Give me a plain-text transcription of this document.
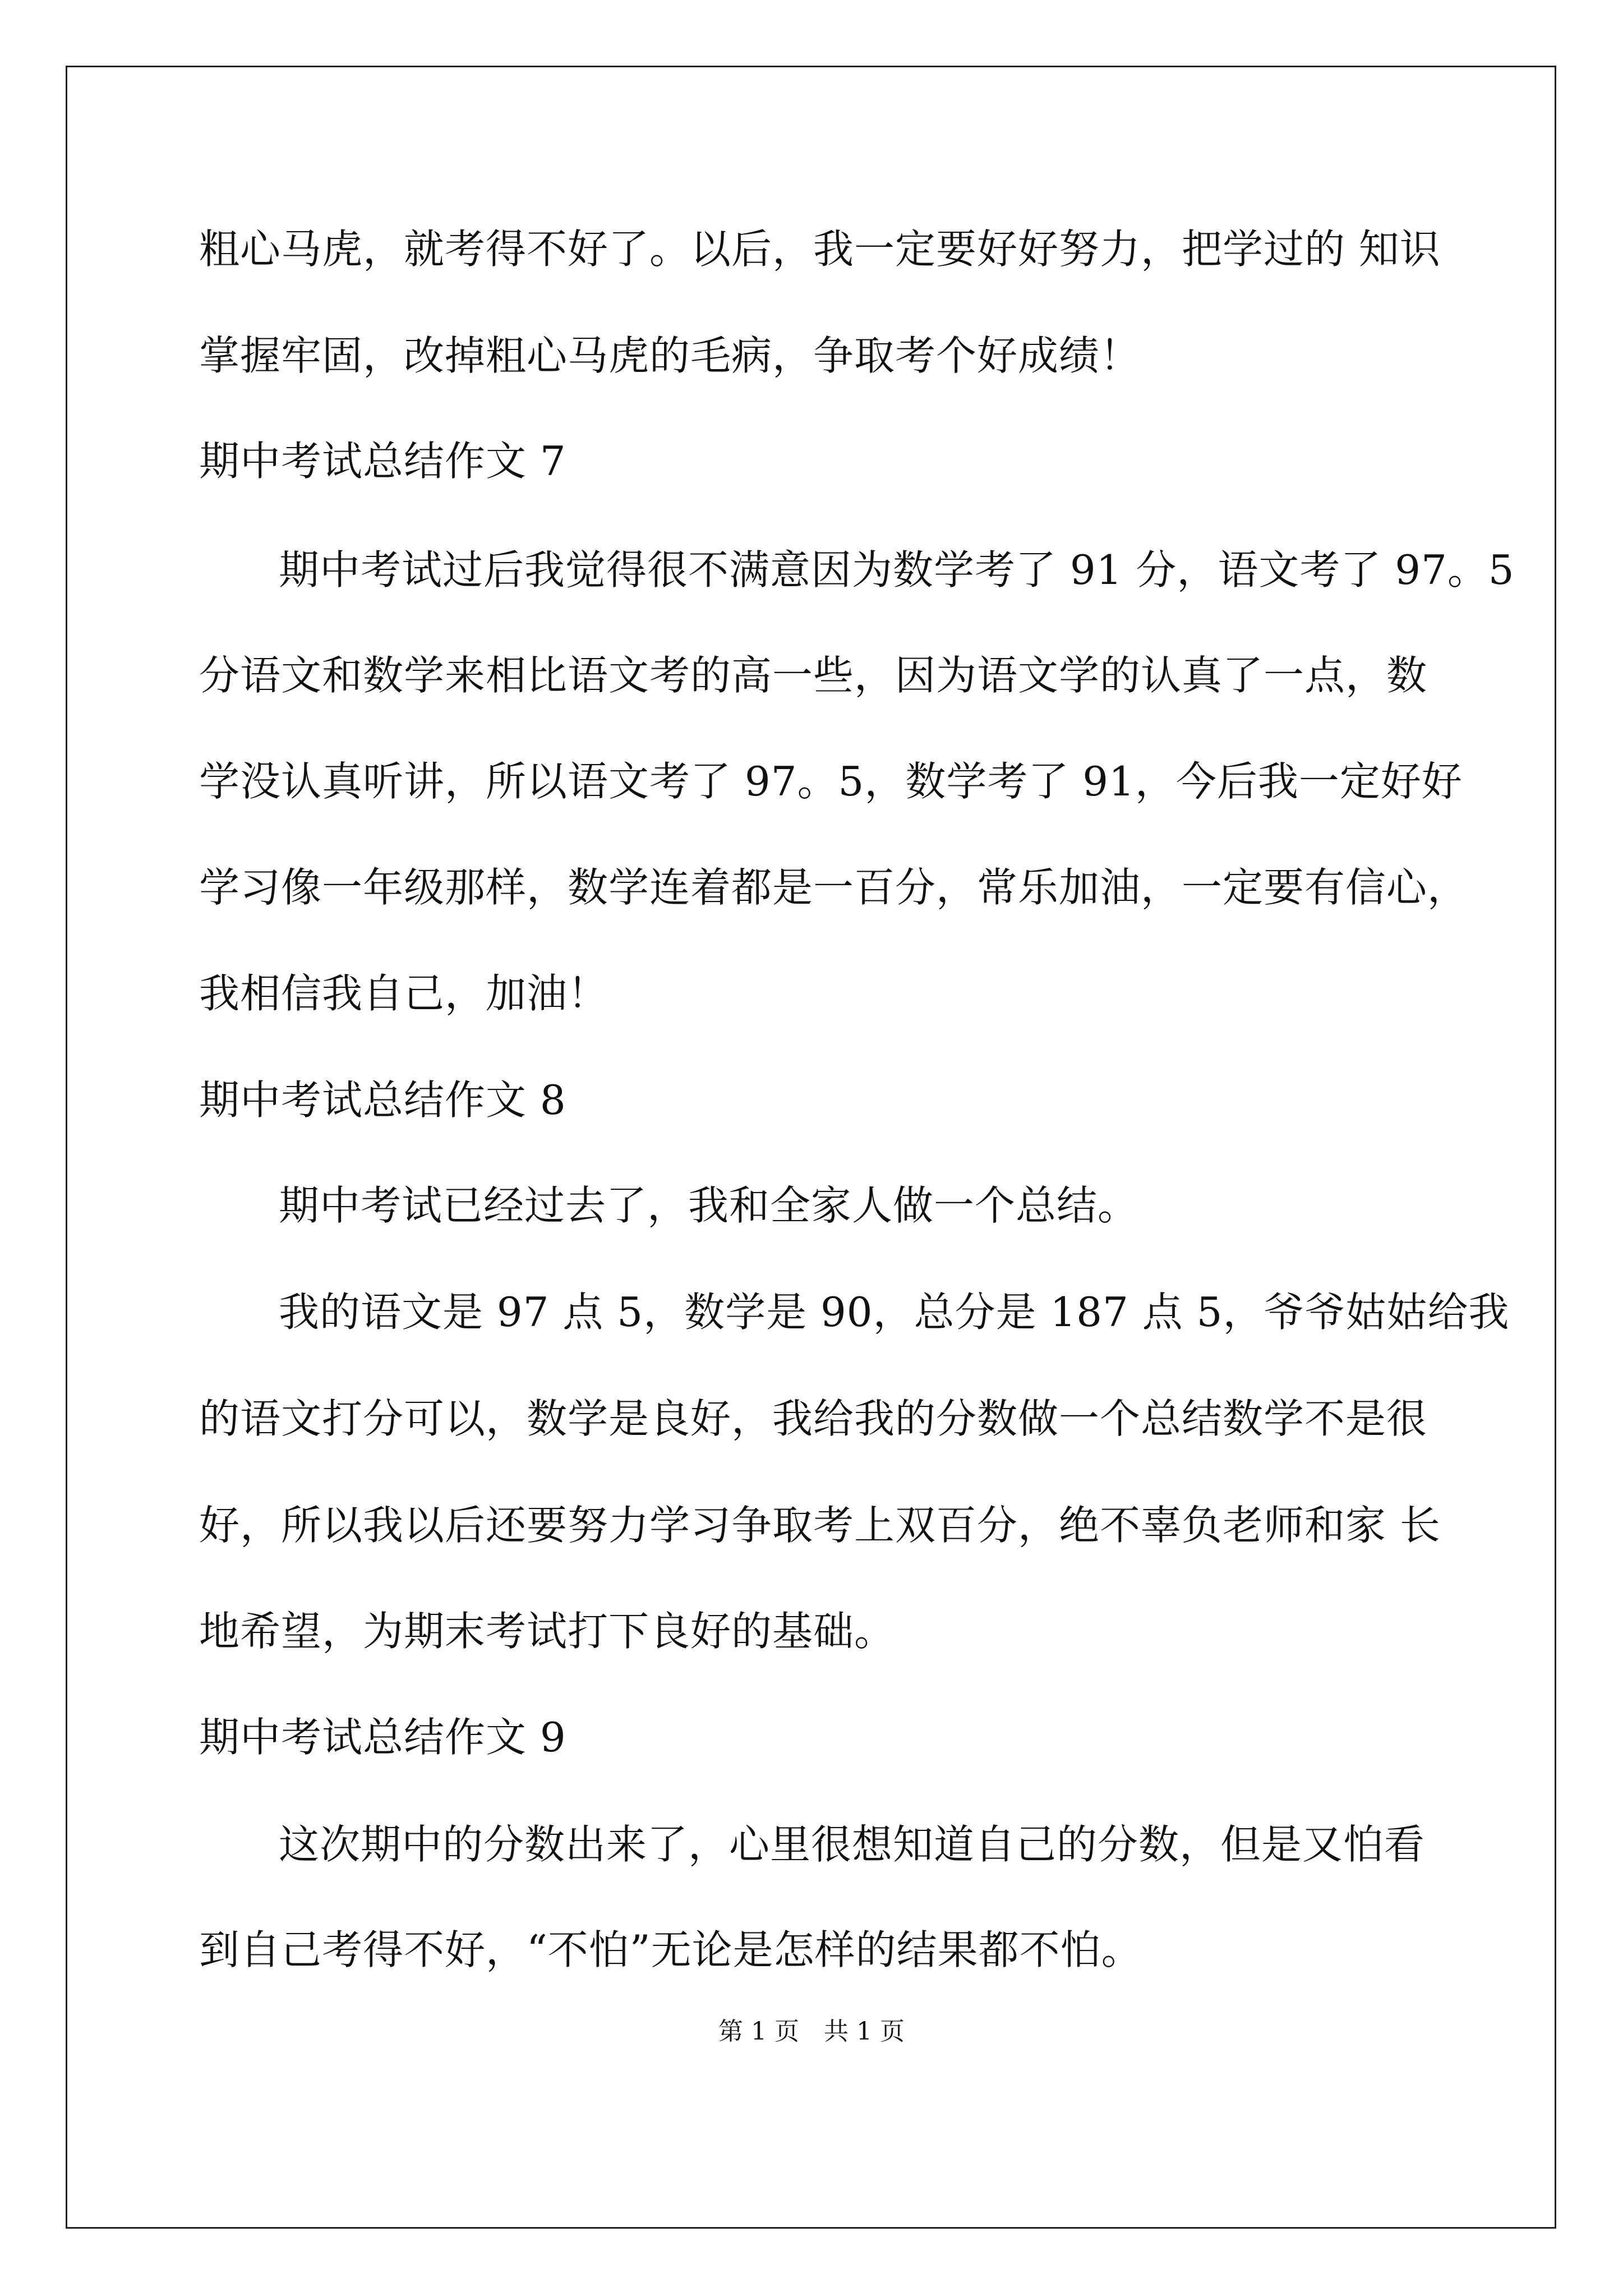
粗心马虎，就考得不好了。以后，我一定要好好努力，把学过的 知识
掌握牢固，改掉粗心马虎的毛病，争取考个好成绩！
期中考试总结作文 7
期中考试过后我觉得很不满意因为数学考了 91 分，语文考了 97。5
分语文和数学来相比语文考的高一些，因为语文学的认真了一点，数
学没认真听讲，所以语文考了 97。5，数学考了 91，今后我一定好好
学习像一年级那样，数学连着都是一百分，常乐加油，一定要有信心，
我相信我自己，加油！
期中考试总结作文 8
期中考试已经过去了，我和全家人做一个总结。
我的语文是 97 点 5，数学是 90，总分是 187 点 5，爷爷姑姑给我
的语文打分可以，数学是良好，我给我的分数做一个总结数学不是很
好，所以我以后还要努力学习争取考上双百分，绝不辜负老师和家 长
地希望，为期末考试打下良好的基础。
期中考试总结作文 9
这次期中的分数出来了，心里很想知道自己的分数，但是又怕看
到自己考得不好，“不怕”无论是怎样的结果都不怕。
第 1 页　共 1 页
